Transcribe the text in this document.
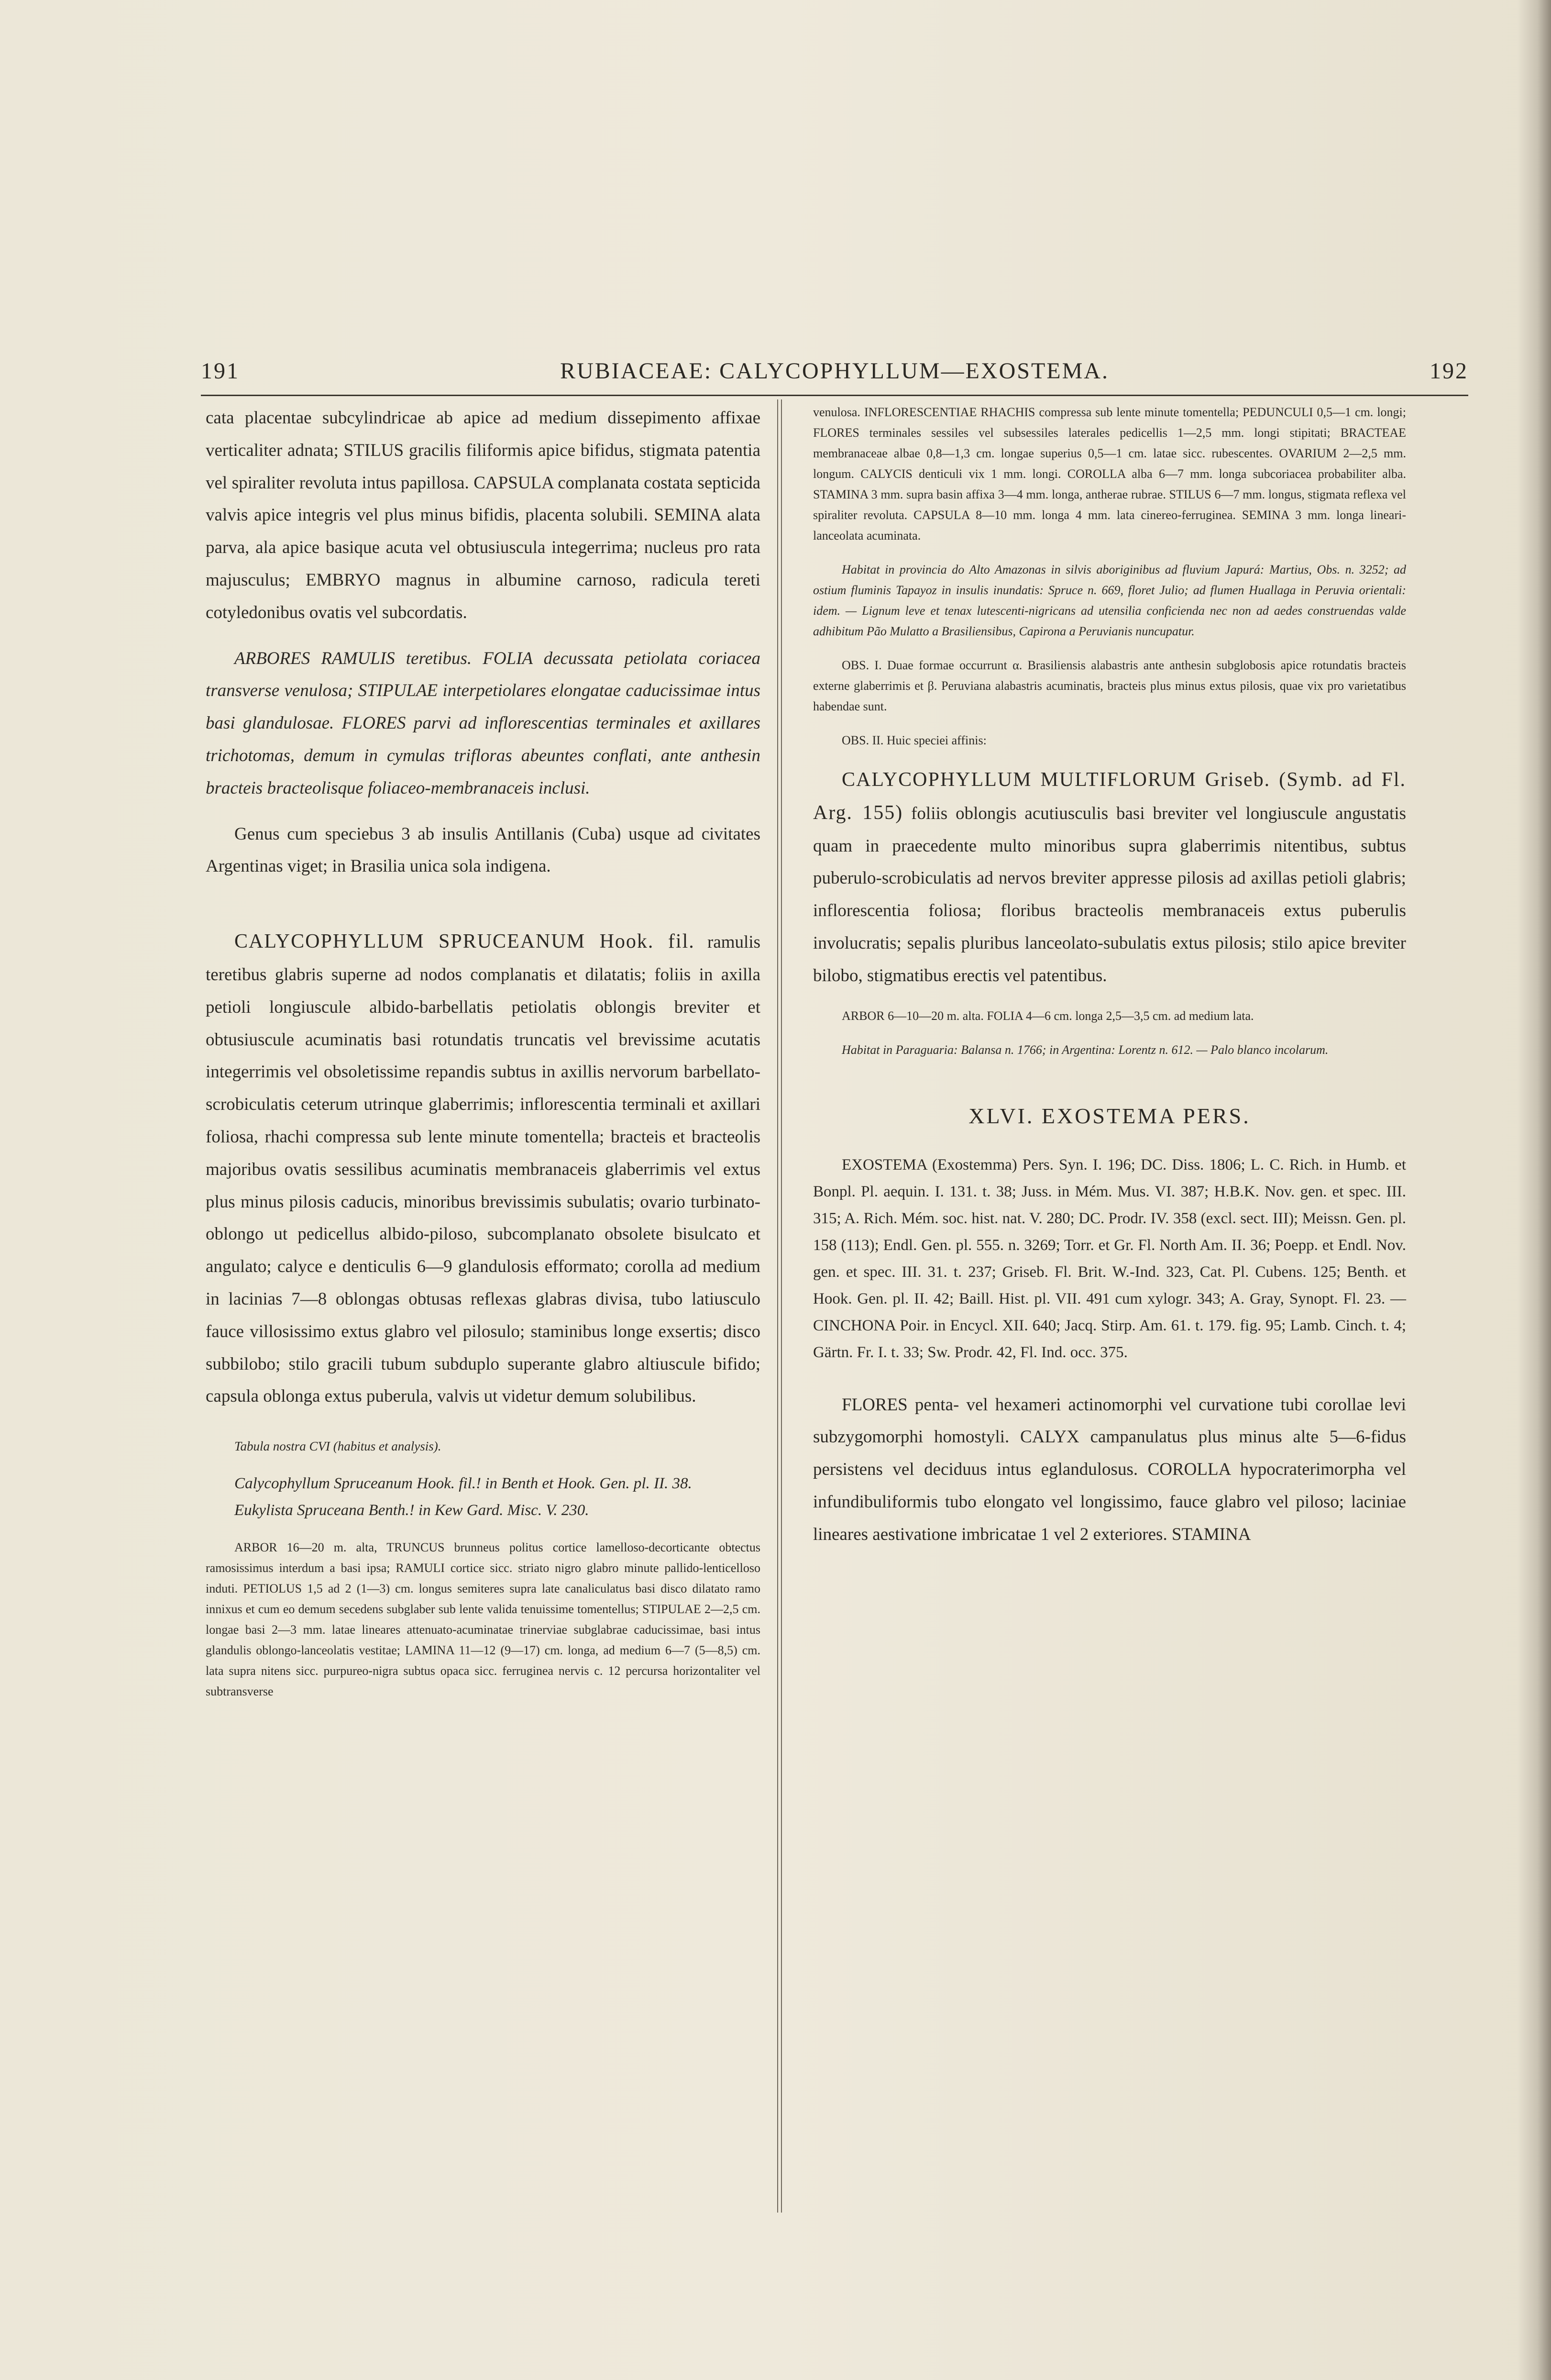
191	RUBIACEAE: CALYCOPHYLLUM—EXOSTEMA.	192

cata placentae subcylindricae ab apice ad medium dissepimento affixae verticaliter adnata; STILUS gracilis filiformis apice bifidus, stigmata patentia vel spiraliter revoluta intus papillosa. CAPSULA complanata costata septicida valvis apice integris vel plus minus bifidis, placenta solubili. SEMINA alata parva, ala apice basique acuta vel obtusiuscula integerrima; nucleus pro rata majusculus; EMBRYO magnus in albumine carnoso, radicula tereti cotyledonibus ovatis vel subcordatis.

ARBORES RAMULIS teretibus. FOLIA decussata petiolata coriacea transverse venulosa; STIPULAE interpetiolares elongatae caducissimae intus basi glandulosae. FLORES parvi ad inflorescentias terminales et axillares trichotomas, demum in cymulas trifloras abeuntes conflati, ante anthesin bracteis bracteolisque foliaceo-membranaceis inclusi.

Genus cum speciebus 3 ab insulis Antillanis (Cuba) usque ad civitates Argentinas viget; in Brasilia unica sola indigena.

CALYCOPHYLLUM SPRUCEANUM Hook. fil. ramulis teretibus glabris superne ad nodos complanatis et dilatatis; foliis in axilla petioli longiuscule albido-barbellatis petiolatis oblongis breviter et obtusiuscule acuminatis basi rotundatis truncatis vel brevissime acutatis integerrimis vel obsoletissime repandis subtus in axillis nervorum barbellato-scrobiculatis ceterum utrinque glaberrimis; inflorescentia terminali et axillari foliosa, rhachi compressa sub lente minute tomentella; bracteis et bracteolis majoribus ovatis sessilibus acuminatis membranaceis glaberrimis vel extus plus minus pilosis caducis, minoribus brevissimis subulatis; ovario turbinato-oblongo ut pedicellus albido-piloso, subcomplanato obsolete bisulcato et angulato; calyce e denticulis 6—9 glandulosis efformato; corolla ad medium in lacinias 7—8 oblongas obtusas reflexas glabras divisa, tubo latiusculo fauce villosissimo extus glabro vel pilosulo; staminibus longe exsertis; disco subbilobo; stilo gracili tubum subduplo superante glabro altiuscule bifido; capsula oblonga extus puberula, valvis ut videtur demum solubilibus.

Tabula nostra CVI (habitus et analysis).

Calycophyllum Spruceanum Hook. fil.! in Benth et Hook. Gen. pl. II. 38.

Eukylista Spruceana Benth.! in Kew Gard. Misc. V. 230.

ARBOR 16—20 m. alta, TRUNCUS brunneus politus cortice lamelloso-decorticante obtectus ramosissimus interdum a basi ipsa; RAMULI cortice sicc. striato nigro glabro minute pallido-lenticelloso induti. PETIOLUS 1,5 ad 2 (1—3) cm. longus semiteres supra late canaliculatus basi disco dilatato ramo innixus et cum eo demum secedens subglaber sub lente valida tenuissime tomentellus; STIPULAE 2—2,5 cm. longae basi 2—3 mm. latae lineares attenuato-acuminatae trinerviae subglabrae caducissimae, basi intus glandulis oblongo-lanceolatis vestitae; LAMINA 11—12 (9—17) cm. longa, ad medium 6—7 (5—8,5) cm. lata supra nitens sicc. purpureo-nigra subtus opaca sicc. ferruginea nervis c. 12 percursa horizontaliter vel subtransverse

venulosa. INFLORESCENTIAE RHACHIS compressa sub lente minute tomentella; PEDUNCULI 0,5—1 cm. longi; FLORES terminales sessiles vel subsessiles laterales pedicellis 1—2,5 mm. longi stipitati; BRACTEAE membranaceae albae 0,8—1,3 cm. longae superius 0,5—1 cm. latae sicc. rubescentes. OVARIUM 2—2,5 mm. longum. CALYCIS denticuli vix 1 mm. longi. COROLLA alba 6—7 mm. longa subcoriacea probabiliter alba. STAMINA 3 mm. supra basin affixa 3—4 mm. longa, antherae rubrae. STILUS 6—7 mm. longus, stigmata reflexa vel spiraliter revoluta. CAPSULA 8—10 mm. longa 4 mm. lata cinereo-ferruginea. SEMINA 3 mm. longa lineari-lanceolata acuminata.

Habitat in provincia do Alto Amazonas in silvis aboriginibus ad fluvium Japurá: Martius, Obs. n. 3252; ad ostium fluminis Tapayoz in insulis inundatis: Spruce n. 669, floret Julio; ad flumen Huallaga in Peruvia orientali: idem. — Lignum leve et tenax lutescenti-nigricans ad utensilia conficienda nec non ad aedes construendas valde adhibitum Pão Mulatto a Brasiliensibus, Capirona a Peruvianis nuncupatur.

OBS. I. Duae formae occurrunt α. Brasiliensis alabastris ante anthesin subglobosis apice rotundatis bracteis externe glaberrimis et β. Peruviana alabastris acuminatis, bracteis plus minus extus pilosis, quae vix pro varietatibus habendae sunt.

OBS. II. Huic speciei affinis:

CALYCOPHYLLUM MULTIFLORUM Griseb. (Symb. ad Fl. Arg. 155) foliis oblongis acutiusculis basi breviter vel longiuscule angustatis quam in praecedente multo minoribus supra glaberrimis nitentibus, subtus puberulo-scrobiculatis ad nervos breviter appresse pilosis ad axillas petioli glabris; inflorescentia foliosa; floribus bracteolis membranaceis extus puberulis involucratis; sepalis pluribus lanceolato-subulatis extus pilosis; stilo apice breviter bilobo, stigmatibus erectis vel patentibus.

ARBOR 6—10—20 m. alta. FOLIA 4—6 cm. longa 2,5—3,5 cm. ad medium lata.

Habitat in Paraguaria: Balansa n. 1766; in Argentina: Lorentz n. 612. — Palo blanco incolarum.

XLVI. EXOSTEMA PERS.

EXOSTEMA (Exostemma) Pers. Syn. I. 196; DC. Diss. 1806; L. C. Rich. in Humb. et Bonpl. Pl. aequin. I. 131. t. 38; Juss. in Mém. Mus. VI. 387; H.B.K. Nov. gen. et spec. III. 315; A. Rich. Mém. soc. hist. nat. V. 280; DC. Prodr. IV. 358 (excl. sect. III); Meissn. Gen. pl. 158 (113); Endl. Gen. pl. 555. n. 3269; Torr. et Gr. Fl. North Am. II. 36; Poepp. et Endl. Nov. gen. et spec. III. 31. t. 237; Griseb. Fl. Brit. W.-Ind. 323, Cat. Pl. Cubens. 125; Benth. et Hook. Gen. pl. II. 42; Baill. Hist. pl. VII. 491 cum xylogr. 343; A. Gray, Synopt. Fl. 23. — CINCHONA Poir. in Encycl. XII. 640; Jacq. Stirp. Am. 61. t. 179. fig. 95; Lamb. Cinch. t. 4; Gärtn. Fr. I. t. 33; Sw. Prodr. 42, Fl. Ind. occ. 375.

FLORES penta- vel hexameri actinomorphi vel curvatione tubi corollae levi subzygomorphi homostyli. CALYX campanulatus plus minus alte 5—6-fidus persistens vel deciduus intus eglandulosus. COROLLA hypocraterimorpha vel infundibuliformis tubo elongato vel longissimo, fauce glabro vel piloso; laciniae lineares aestivatione imbricatae 1 vel 2 exteriores. STAMINA
